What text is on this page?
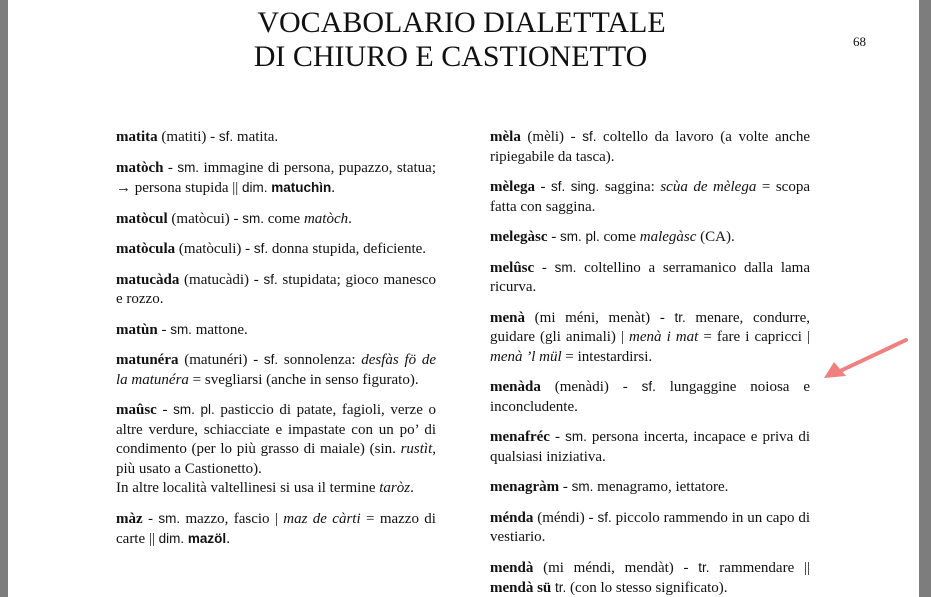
VOCABOLARIO DIALETTALE
DI CHIURO E CASTIONETTO	68

matita (matiti) - sf. matita.

matòch - sm. immagine di persona, pupazzo, statua; → persona stupida || dim. matuchìn.

matòcul (matòcui) - sm. come matòch.

matòcula (matòculi) - sf. donna stupida, deficiente.

matucàda (matucàdi) - sf. stupidata; gioco manesco e rozzo.

matùn - sm. mattone.

matunéra (matunéri) - sf. sonnolenza: desfàs fö de la matunéra = svegliarsi (anche in senso figurato).

maûsc - sm. pl. pasticcio di patate, fagioli, verze o altre verdure, schiacciate e impastate con un po’ di condimento (per lo più grasso di maiale) (sin. rustìt, più usato a Castionetto).
In altre località valtellinesi si usa il termine taròz.

màz - sm. mazzo, fascio | maz de càrti = mazzo di carte || dim. mazöl.

mèla (mèli) - sf. coltello da lavoro (a volte anche ripiegabile da tasca).

mèlega - sf. sing. saggina: scùa de mèlega = scopa fatta con saggina.

melegàsc - sm. pl. come malegàsc (CA).

melûsc - sm. coltellino a serramanico dalla lama ricurva.

menà (mi méni, menàt) - tr. menare, condurre, guidare (gli animali) | menà i mat = fare i capricci | menà ’l mül = intestardirsi.

menàda (menàdi) - sf. lungaggine noiosa e inconcludente.

menafréc - sm. persona incerta, incapace e priva di qualsiasi iniziativa.

menagràm - sm. menagramo, iettatore.

ménda (méndi) - sf. piccolo rammendo in un capo di vestiario.

mendà (mi méndi, mendàt) - tr. rammendare || mendà sü tr. (con lo stesso significato).
